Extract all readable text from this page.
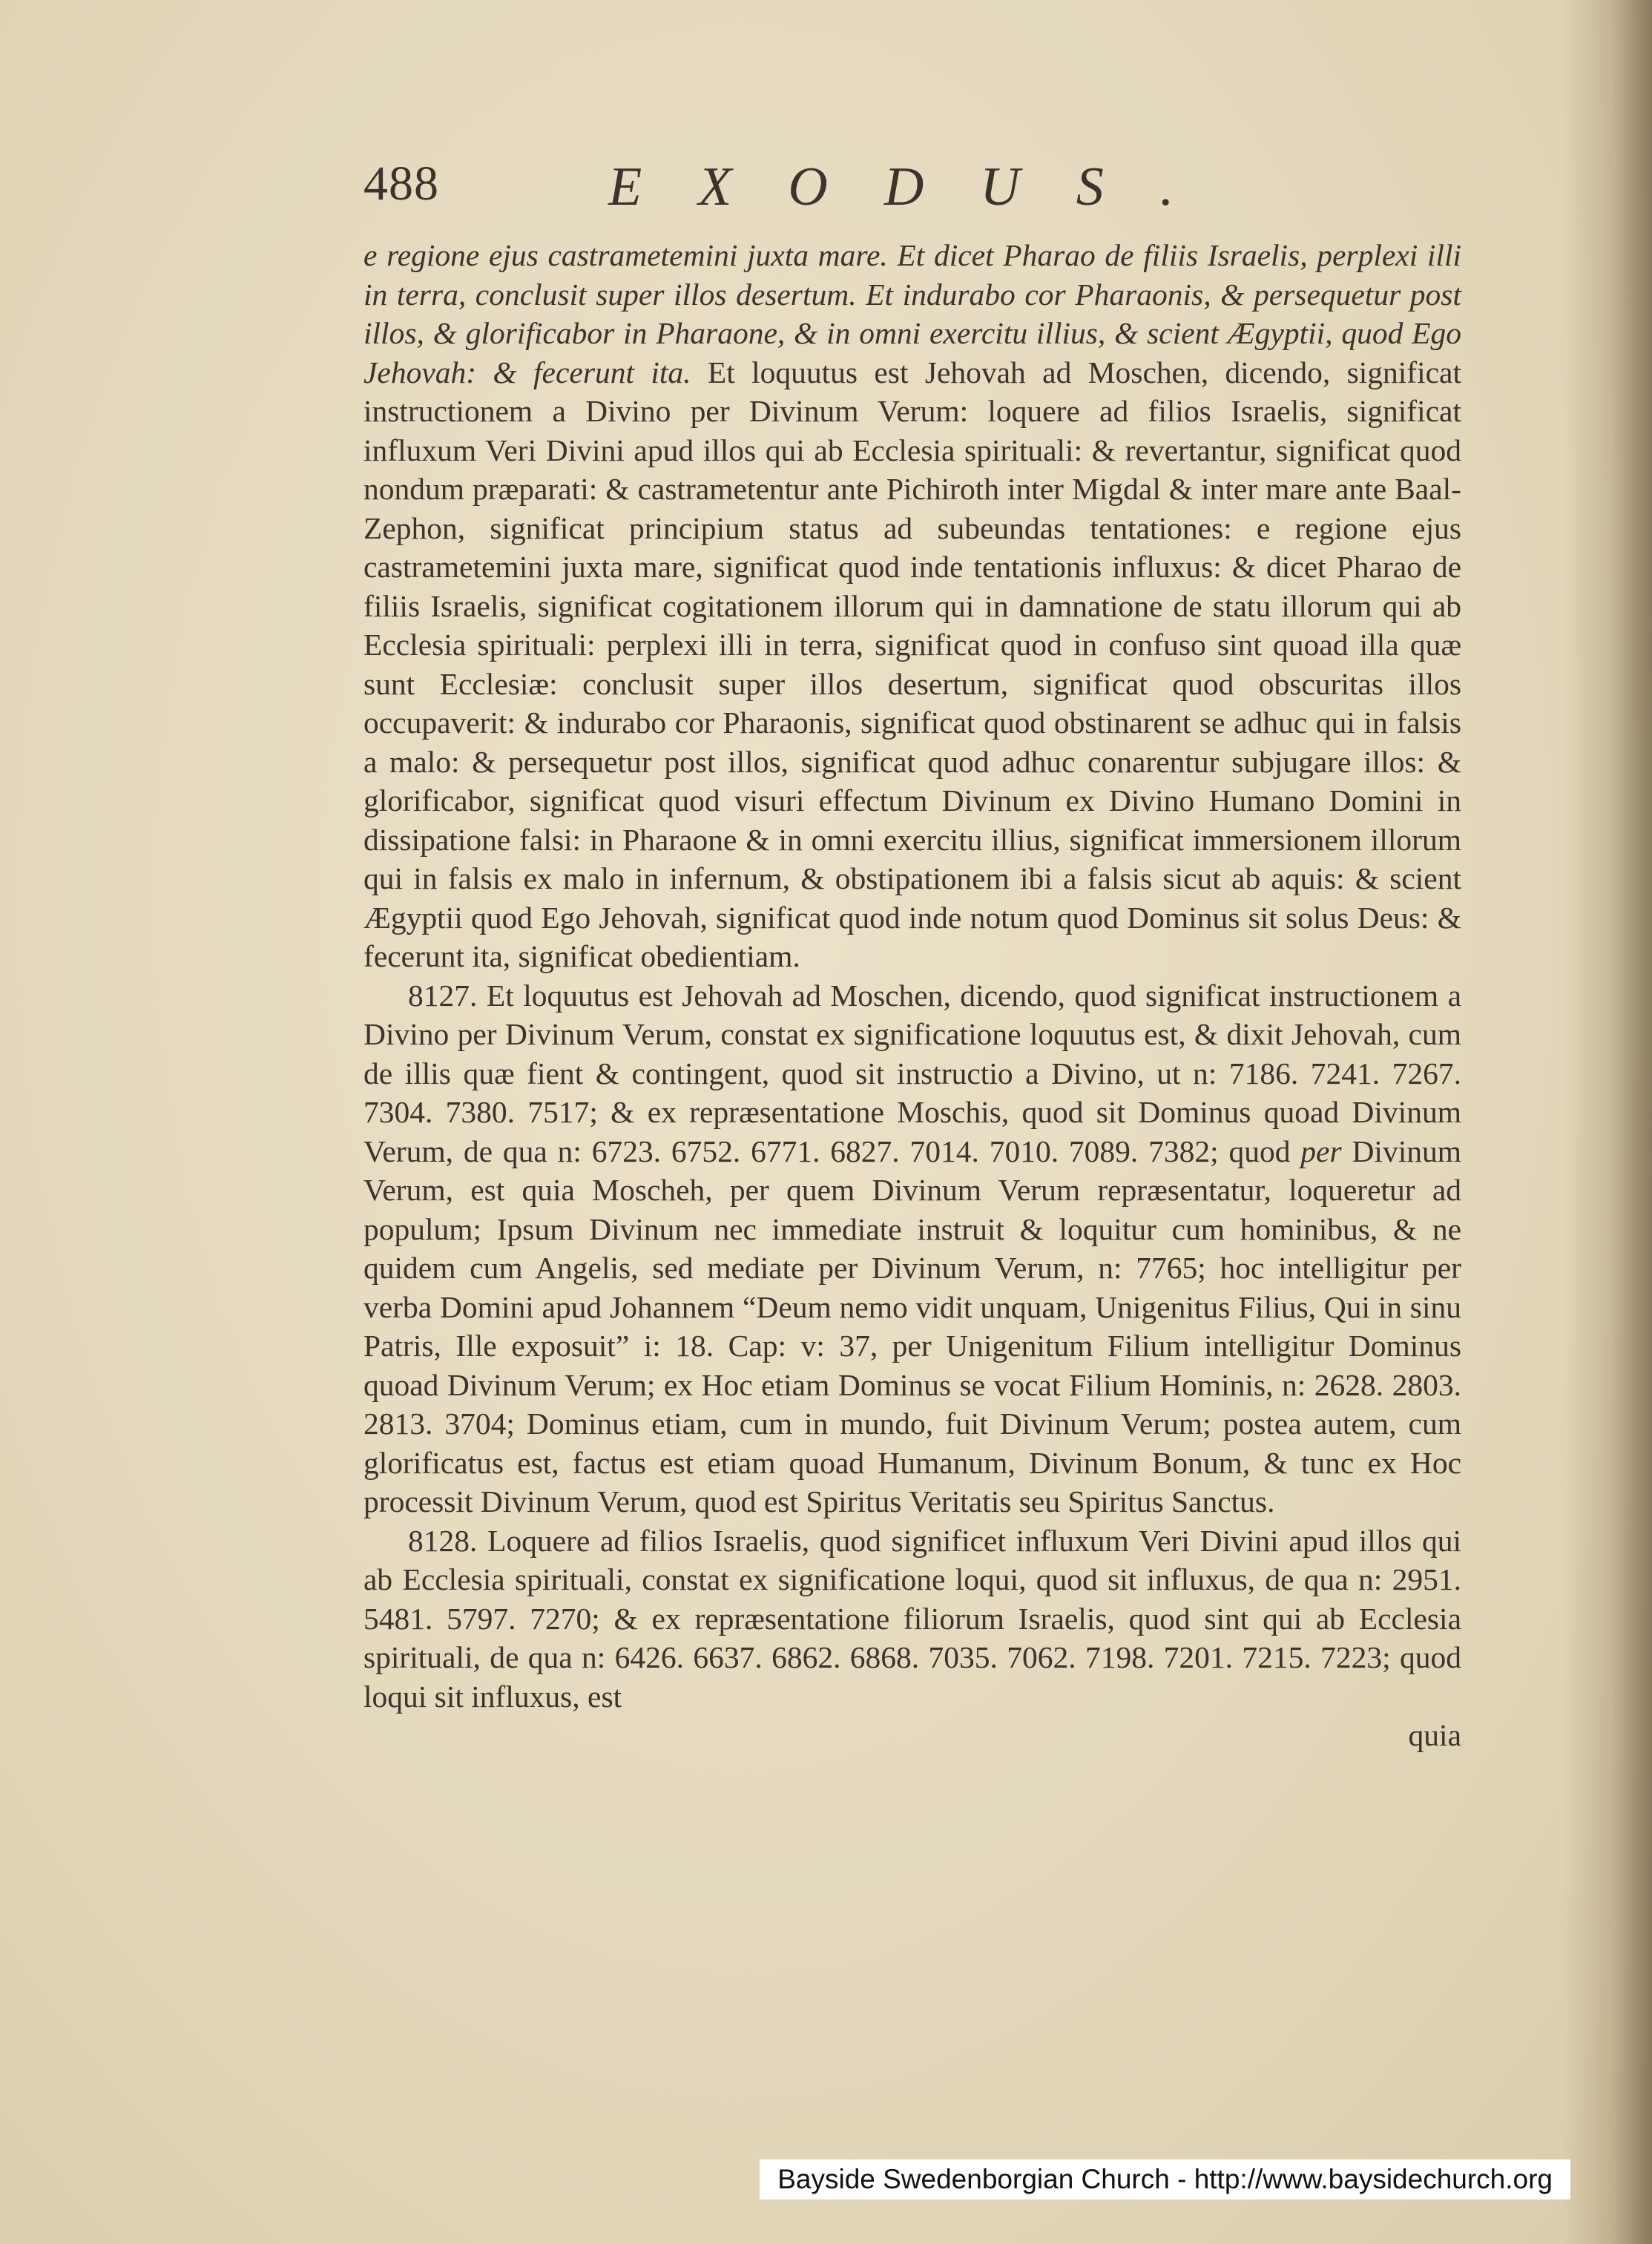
488	EXODUS.

e regione ejus castrametemini juxta mare. Et dicet Pharao de filiis Israelis, perplexi illi in terra, conclusit super illos desertum. Et indurabo cor Pharaonis, & persequetur post illos, & glorificabor in Pharaone, & in omni exercitu illius, & scient Ægyptii, quod Ego Jehovah: & fecerunt ita. Et loquutus est Jehovah ad Moschen, dicendo, significat instructionem a Divino per Divinum Verum: loquere ad filios Israelis, significat influxum Veri Divini apud illos qui ab Ecclesia spirituali: & revertantur, significat quod nondum præparati: & castrametentur ante Pichiroth inter Migdal & inter mare ante Baal-Zephon, significat principium status ad subeundas tentationes: e regione ejus castrametemini juxta mare, significat quod inde tentationis influxus: & dicet Pharao de filiis Israelis, significat cogitationem illorum qui in damnatione de statu illorum qui ab Ecclesia spirituali: perplexi illi in terra, significat quod in confuso sint quoad illa quæ sunt Ecclesiæ: conclusit super illos desertum, significat quod obscuritas illos occupaverit: & indurabo cor Pharaonis, significat quod obstinarent se adhuc qui in falsis a malo: & persequetur post illos, significat quod adhuc conarentur subjugare illos: & glorificabor, significat quod visuri effectum Divinum ex Divino Humano Domini in dissipatione falsi: in Pharaone & in omni exercitu illius, significat immersionem illorum qui in falsis ex malo in infernum, & obstipationem ibi a falsis sicut ab aquis: & scient Ægyptii quod Ego Jehovah, significat quod inde notum quod Dominus sit solus Deus: & fecerunt ita, significat obedientiam.

8127. Et loquutus est Jehovah ad Moschen, dicendo, quod significat instructionem a Divino per Divinum Verum, constat ex significatione loquutus est, & dixit Jehovah, cum de illis quæ fient & contingent, quod sit instructio a Divino, ut n: 7186. 7241. 7267. 7304. 7380. 7517; & ex repræsentatione Moschis, quod sit Dominus quoad Divinum Verum, de qua n: 6723. 6752. 6771. 6827. 7014. 7010. 7089. 7382; quod per Divinum Verum, est quia Moscheh, per quem Divinum Verum repræsentatur, loqueretur ad populum; Ipsum Divinum nec immediate instruit & loquitur cum hominibus, & ne quidem cum Angelis, sed mediate per Divinum Verum, n: 7765; hoc intelligitur per verba Domini apud Johannem “Deum nemo vidit unquam, Unigenitus Filius, Qui in sinu Patris, Ille exposuit” i: 18. Cap: v: 37, per Unigenitum Filium intelligitur Dominus quoad Divinum Verum; ex Hoc etiam Dominus se vocat Filium Hominis, n: 2628. 2803. 2813. 3704; Dominus etiam, cum in mundo, fuit Divinum Verum; postea autem, cum glorificatus est, factus est etiam quoad Humanum, Divinum Bonum, & tunc ex Hoc processit Divinum Verum, quod est Spiritus Veritatis seu Spiritus Sanctus.

8128. Loquere ad filios Israelis, quod significet influxum Veri Divini apud illos qui ab Ecclesia spirituali, constat ex significatione loqui, quod sit influxus, de qua n: 2951. 5481. 5797. 7270; & ex repræsentatione filiorum Israelis, quod sint qui ab Ecclesia spirituali, de qua n: 6426. 6637. 6862. 6868. 7035. 7062. 7198. 7201. 7215. 7223; quod loqui sit influxus, est

quia

Bayside Swedenborgian Church - http://www.baysidechurch.org
